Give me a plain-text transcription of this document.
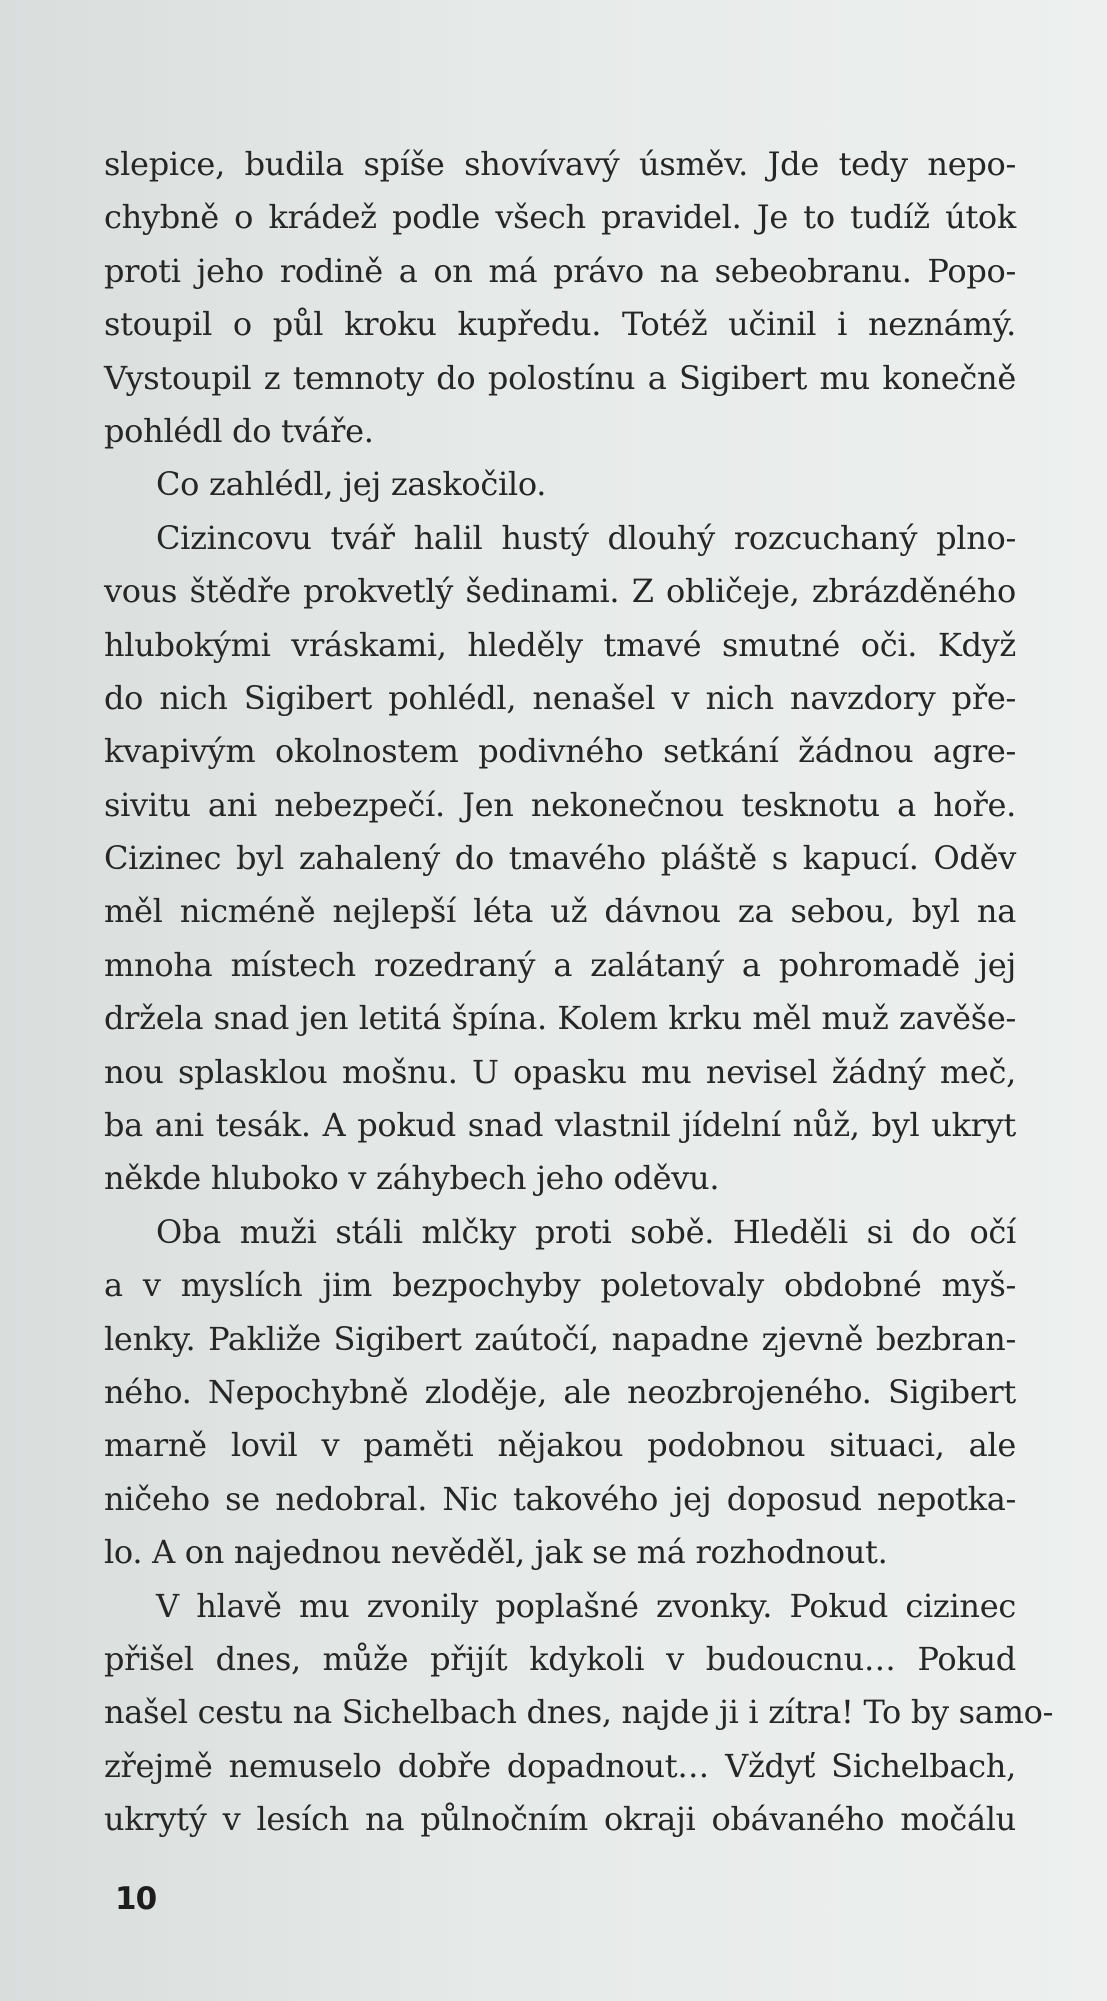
slepice, budila spíše shovívavý úsměv. Jde tedy nepo-
chybně o krádež podle všech pravidel. Je to tudíž útok
proti jeho rodině a on má právo na sebeobranu. Popo-
stoupil o půl kroku kupředu. Totéž učinil i neznámý.
Vystoupil z temnoty do polostínu a Sigibert mu konečně
pohlédl do tváře.
Co zahlédl, jej zaskočilo.
Cizincovu tvář halil hustý dlouhý rozcuchaný plno-
vous štědře prokvetlý šedinami. Z obličeje, zbrázděného
hlubokými vráskami, hleděly tmavé smutné oči. Když
do nich Sigibert pohlédl, nenašel v nich navzdory pře-
kvapivým okolnostem podivného setkání žádnou agre-
sivitu ani nebezpečí. Jen nekonečnou tesknotu a hoře.
Cizinec byl zahalený do tmavého pláště s kapucí. Oděv
měl nicméně nejlepší léta už dávnou za sebou, byl na
mnoha místech rozedraný a zalátaný a pohromadě jej
držela snad jen letitá špína. Kolem krku měl muž zavěše-
nou splasklou mošnu. U opasku mu nevisel žádný meč,
ba ani tesák. A pokud snad vlastnil jídelní nůž, byl ukryt
někde hluboko v záhybech jeho oděvu.
Oba muži stáli mlčky proti sobě. Hleděli si do očí
a v myslích jim bezpochyby poletovaly obdobné myš-
lenky. Pakliže Sigibert zaútočí, napadne zjevně bezbran-
ného. Nepochybně zloděje, ale neozbrojeného. Sigibert
marně lovil v paměti nějakou podobnou situaci, ale
ničeho se nedobral. Nic takového jej doposud nepotka-
lo. A on najednou nevěděl, jak se má rozhodnout.
V hlavě mu zvonily poplašné zvonky. Pokud cizinec
přišel dnes, může přijít kdykoli v budoucnu… Pokud
našel cestu na Sichelbach dnes, najde ji i zítra! To by samo-
zřejmě nemuselo dobře dopadnout… Vždyť Sichelbach,
ukrytý v lesích na půlnočním okraji obávaného močálu
10
